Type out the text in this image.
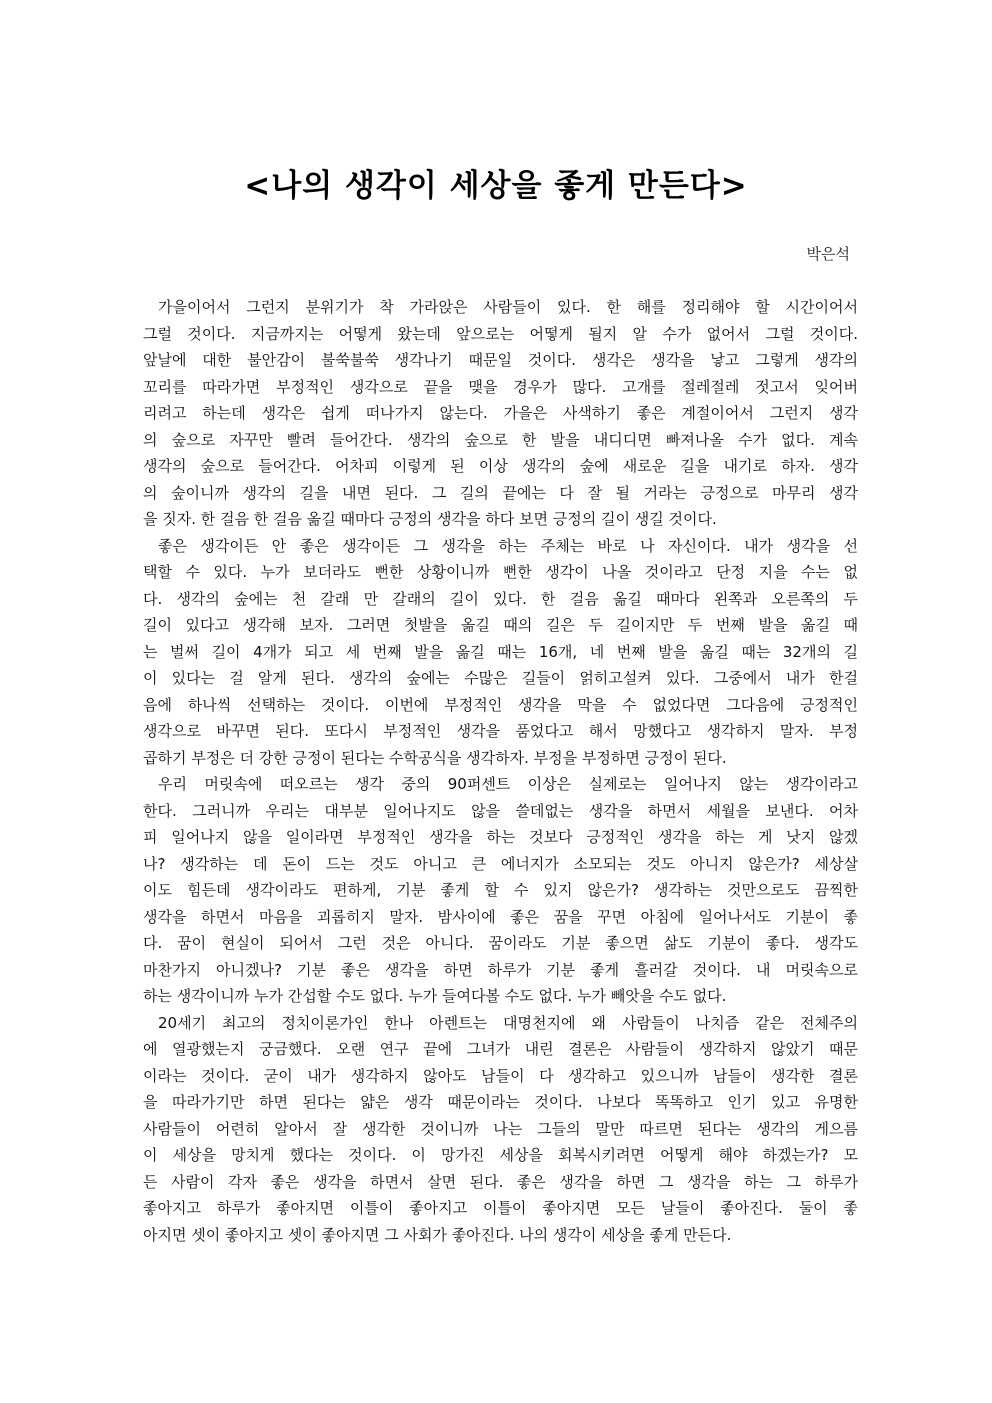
<나의 생각이 세상을 좋게 만든다>
박은석
가을이어서 그런지 분위기가 착 가라앉은 사람들이 있다. 한 해를 정리해야 할 시간이어서
그럴 것이다. 지금까지는 어떻게 왔는데 앞으로는 어떻게 될지 알 수가 없어서 그럴 것이다.
앞날에 대한 불안감이 불쑥불쑥 생각나기 때문일 것이다. 생각은 생각을 낳고 그렇게 생각의
꼬리를 따라가면 부정적인 생각으로 끝을 맺을 경우가 많다. 고개를 절레절레 젓고서 잊어버
리려고 하는데 생각은 쉽게 떠나가지 않는다. 가을은 사색하기 좋은 계절이어서 그런지 생각
의 숲으로 자꾸만 빨려 들어간다. 생각의 숲으로 한 발을 내디디면 빠져나올 수가 없다. 계속
생각의 숲으로 들어간다. 어차피 이렇게 된 이상 생각의 숲에 새로운 길을 내기로 하자. 생각
의 숲이니까 생각의 길을 내면 된다. 그 길의 끝에는 다 잘 될 거라는 긍정으로 마무리 생각
을 짓자. 한 걸음 한 걸음 옮길 때마다 긍정의 생각을 하다 보면 긍정의 길이 생길 것이다.
좋은 생각이든 안 좋은 생각이든 그 생각을 하는 주체는 바로 나 자신이다. 내가 생각을 선
택할 수 있다. 누가 보더라도 뻔한 상황이니까 뻔한 생각이 나올 것이라고 단정 지을 수는 없
다. 생각의 숲에는 천 갈래 만 갈래의 길이 있다. 한 걸음 옮길 때마다 왼쪽과 오른쪽의 두
길이 있다고 생각해 보자. 그러면 첫발을 옮길 때의 길은 두 길이지만 두 번째 발을 옮길 때
는 벌써 길이 4개가 되고 세 번째 발을 옮길 때는 16개, 네 번째 발을 옮길 때는 32개의 길
이 있다는 걸 알게 된다. 생각의 숲에는 수많은 길들이 얽히고설켜 있다. 그중에서 내가 한걸
음에 하나씩 선택하는 것이다. 이번에 부정적인 생각을 막을 수 없었다면 그다음에 긍정적인
생각으로 바꾸면 된다. 또다시 부정적인 생각을 품었다고 해서 망했다고 생각하지 말자. 부정
곱하기 부정은 더 강한 긍정이 된다는 수학공식을 생각하자. 부정을 부정하면 긍정이 된다.
우리 머릿속에 떠오르는 생각 중의 90퍼센트 이상은 실제로는 일어나지 않는 생각이라고
한다. 그러니까 우리는 대부분 일어나지도 않을 쓸데없는 생각을 하면서 세월을 보낸다. 어차
피 일어나지 않을 일이라면 부정적인 생각을 하는 것보다 긍정적인 생각을 하는 게 낫지 않겠
나? 생각하는 데 돈이 드는 것도 아니고 큰 에너지가 소모되는 것도 아니지 않은가? 세상살
이도 힘든데 생각이라도 편하게, 기분 좋게 할 수 있지 않은가? 생각하는 것만으로도 끔찍한
생각을 하면서 마음을 괴롭히지 말자. 밤사이에 좋은 꿈을 꾸면 아침에 일어나서도 기분이 좋
다. 꿈이 현실이 되어서 그런 것은 아니다. 꿈이라도 기분 좋으면 삶도 기분이 좋다. 생각도
마찬가지 아니겠나? 기분 좋은 생각을 하면 하루가 기분 좋게 흘러갈 것이다. 내 머릿속으로
하는 생각이니까 누가 간섭할 수도 없다. 누가 들여다볼 수도 없다. 누가 빼앗을 수도 없다.
20세기 최고의 정치이론가인 한나 아렌트는 대명천지에 왜 사람들이 나치즘 같은 전체주의
에 열광했는지 궁금했다. 오랜 연구 끝에 그녀가 내린 결론은 사람들이 생각하지 않았기 때문
이라는 것이다. 굳이 내가 생각하지 않아도 남들이 다 생각하고 있으니까 남들이 생각한 결론
을 따라가기만 하면 된다는 얇은 생각 때문이라는 것이다. 나보다 똑똑하고 인기 있고 유명한
사람들이 어련히 알아서 잘 생각한 것이니까 나는 그들의 말만 따르면 된다는 생각의 게으름
이 세상을 망치게 했다는 것이다. 이 망가진 세상을 회복시키려면 어떻게 해야 하겠는가? 모
든 사람이 각자 좋은 생각을 하면서 살면 된다. 좋은 생각을 하면 그 생각을 하는 그 하루가
좋아지고 하루가 좋아지면 이틀이 좋아지고 이틀이 좋아지면 모든 날들이 좋아진다. 둘이 좋
아지면 셋이 좋아지고 셋이 좋아지면 그 사회가 좋아진다. 나의 생각이 세상을 좋게 만든다.
